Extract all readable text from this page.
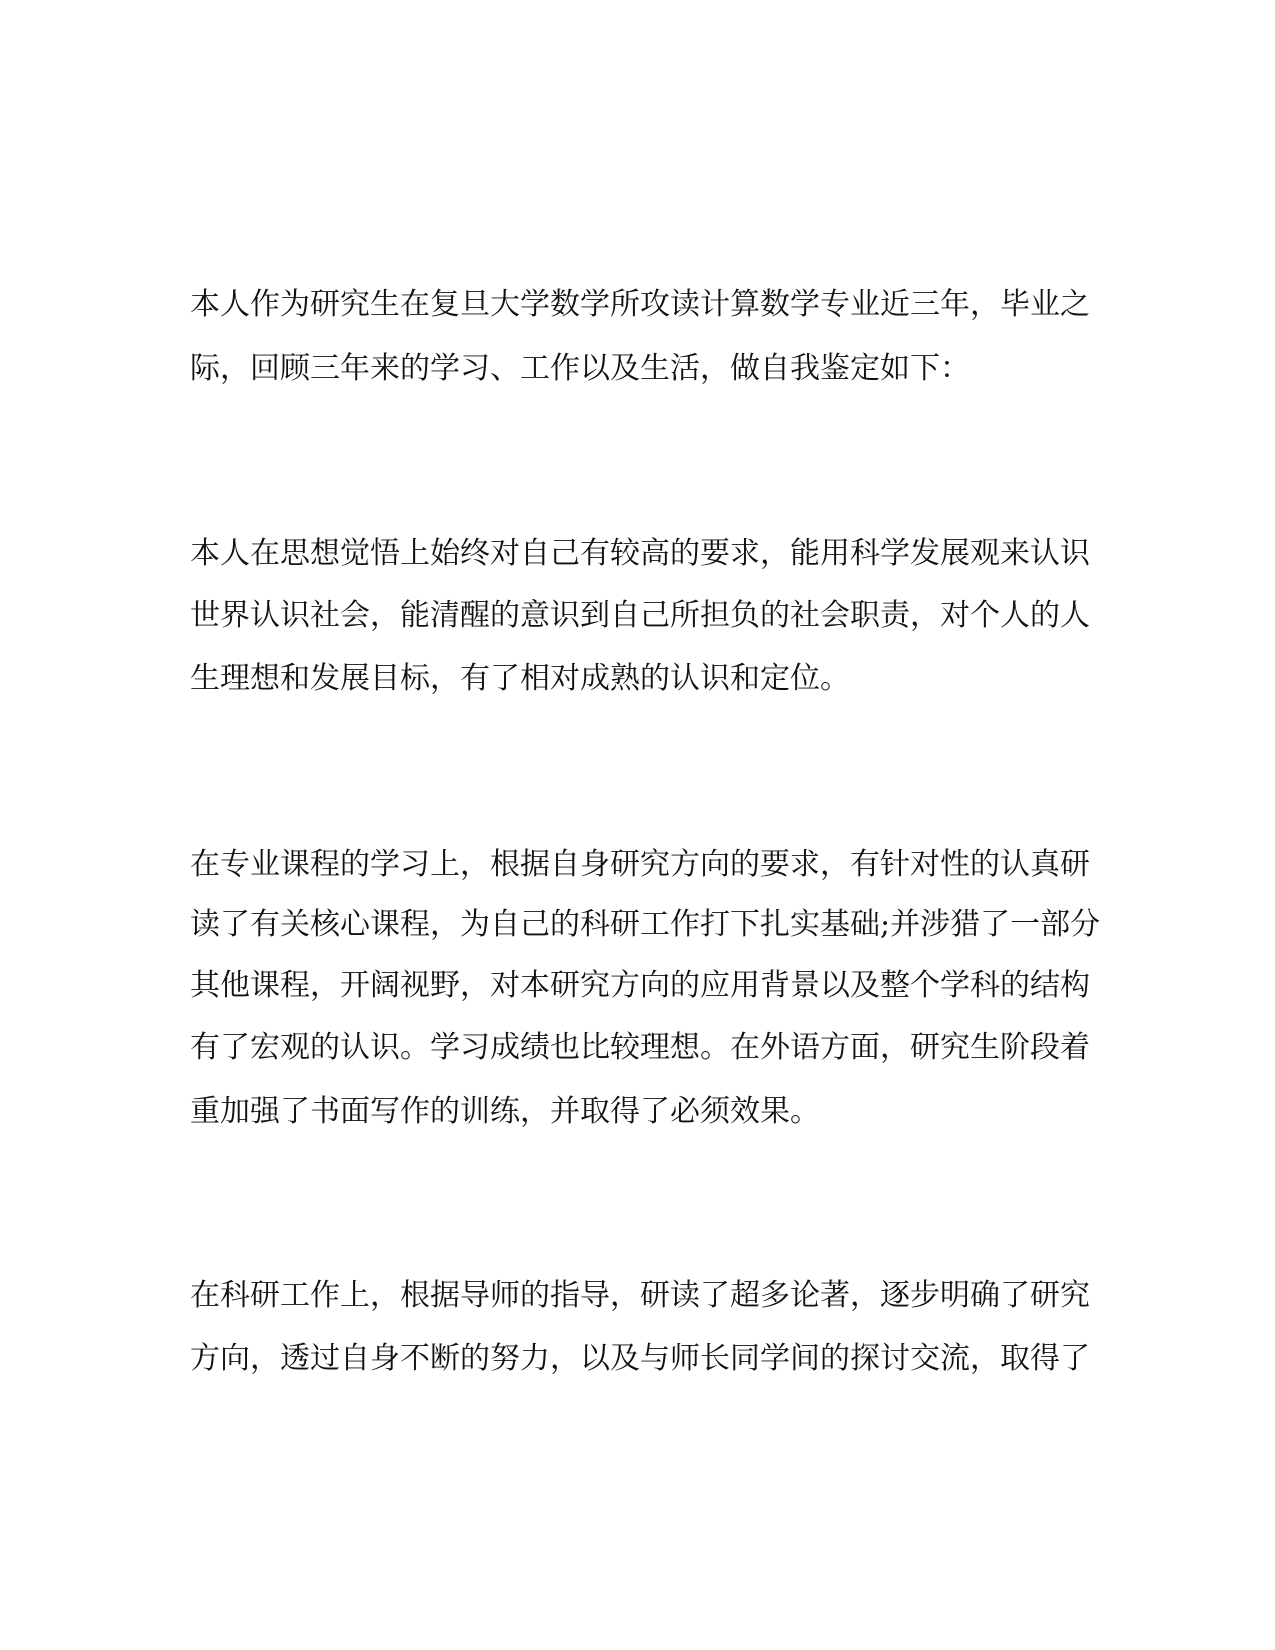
本人作为研究生在复旦大学数学所攻读计算数学专业近三年，毕业之

际，回顾三年来的学习、工作以及生活，做自我鉴定如下：

本人在思想觉悟上始终对自己有较高的要求，能用科学发展观来认识

世界认识社会，能清醒的意识到自己所担负的社会职责，对个人的人

生理想和发展目标，有了相对成熟的认识和定位。

在专业课程的学习上，根据自身研究方向的要求，有针对性的认真研

读了有关核心课程，为自己的科研工作打下扎实基础;并涉猎了一部分

其他课程，开阔视野，对本研究方向的应用背景以及整个学科的结构

有了宏观的认识。学习成绩也比较理想。在外语方面，研究生阶段着

重加强了书面写作的训练，并取得了必须效果。

在科研工作上，根据导师的指导，研读了超多论著，逐步明确了研究

方向，透过自身不断的努力，以及与师长同学间的探讨交流，取得了
